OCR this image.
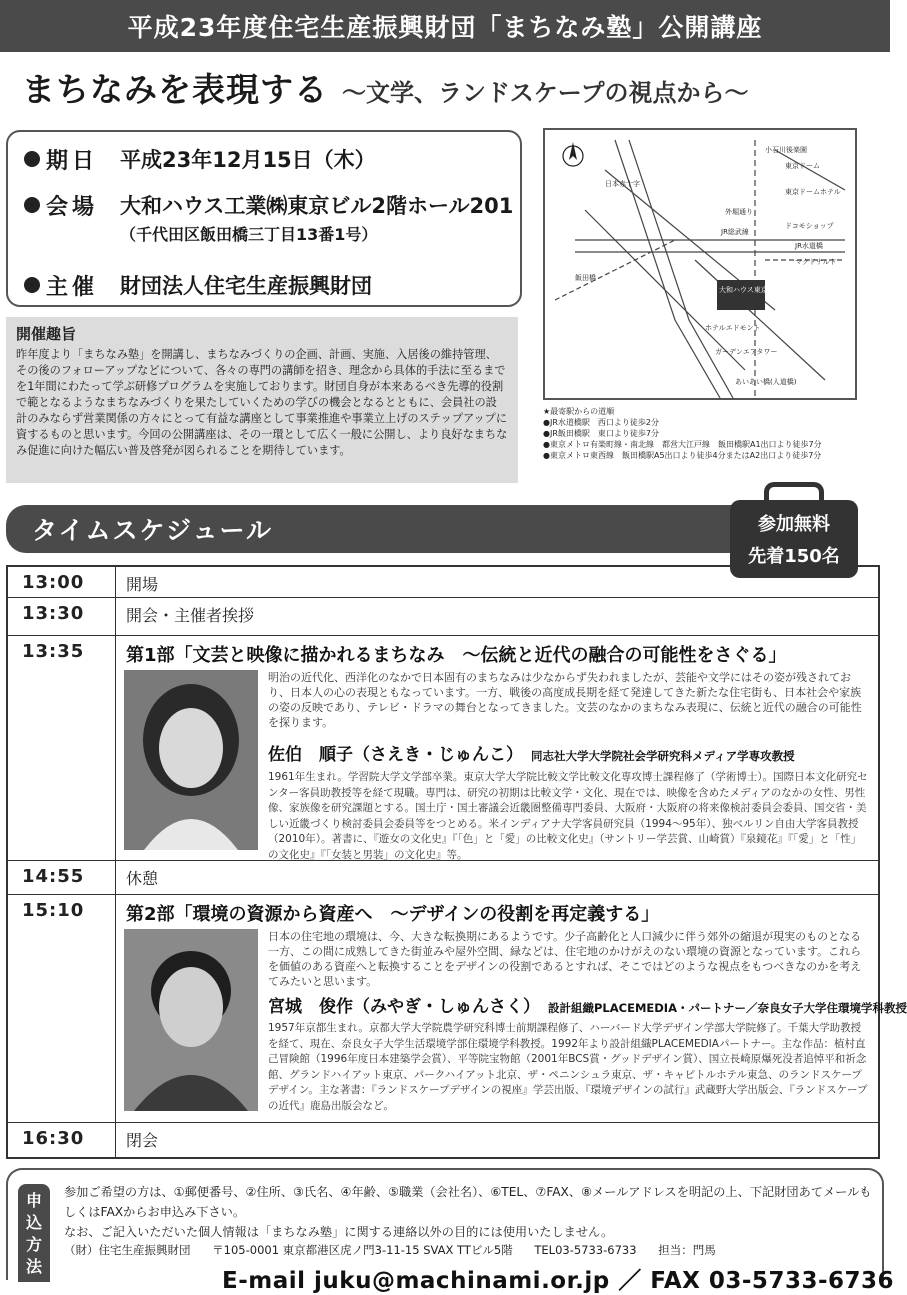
平成23年度住宅生産振興財団「まちなみ塾」公開講座
まちなみを表現する ～文学、ランドスケープの視点から～
期日	平成23年12月15日（木）
会場	大和ハウス工業㈱東京ビル2階ホール201
（千代田区飯田橋三丁目13番1号）
主催	財団法人住宅生産振興財団
開催趣旨

昨年度より「まちなみ塾」を開講し、まちなみづくりの企画、計画、実施、入居後の維持管理、その後のフォローアップなどについて、各々の専門の講師を招き、理念から具体的手法に至るまでを1年間にわたって学ぶ研修プログラムを実施しております。財団自身が本来あるべき先導的役割で範となるようなまちなみづくりを果たしていくための学びの機会となるとともに、会員社の設計のみならず営業関係の方々にとって有益な講座として事業推進や事業立上げのステップアップに資するものと思います。今回の公開講座は、その一環として広く一般に公開し、より良好なまちなみ促進に向けた幅広い普及啓発が図られることを期待しています。

小石川後楽園
東京ドーム
東京ドームホテル
外堀通り
ドコモショップ
JR水道橋
マクドナルド
JR総武線
大和ハウス東京ビル
ホテルエドモント
ガーデンエアタワー
あいあい橋(人道橋)
飯田橋
日本赤十字
★最寄駅からの道順
●JR水道橋駅　西口より徒歩2分
●JR飯田橋駅　東口より徒歩7分
●東京メトロ有楽町線・南北線　都営大江戸線　飯田橋駅A1出口より徒歩7分
●東京メトロ東西線　飯田橋駅A5出口より徒歩4分またはA2出口より徒歩7分
タイムスケジュール	参加無料
先着150名
13:00	開場
13:30	開会・主催者挨拶
13:35	第1部「文芸と映像に描かれるまちなみ　～伝統と近代の融合の可能性をさぐる」
明治の近代化、西洋化のなかで日本固有のまちなみは少なからず失われましたが、芸能や文学にはその姿が残されており、日本人の心の表現ともなっています。一方、戦後の高度成長期を経て発達してきた新たな住宅街も、日本社会や家族の姿の反映であり、テレビ・ドラマの舞台となってきました。文芸のなかのまちなみ表現に、伝統と近代の融合の可能性を探ります。
佐伯　順子（さえき・じゅんこ） 同志社大学大学院社会学研究科メディア学専攻教授
1961年生まれ。学習院大学文学部卒業。東京大学大学院比較文学比較文化専攻博士課程修了（学術博士）。国際日本文化研究センター客員助教授等を経て現職。専門は、研究の初期は比較文学・文化、現在では、映像を含めたメディアのなかの女性、男性像、家族像を研究課題とする。国土庁・国土審議会近畿圏整備専門委員、大阪府・大阪府の将来像検討委員会委員、国交省・美しい近畿づくり検討委員会委員等をつとめる。米インディアナ大学客員研究員（1994～95年）、独ベルリン自由大学客員教授（2010年）。著書に、『遊女の文化史』『「色」と「愛」の比較文化史』（サントリー学芸賞、山崎賞）『泉鏡花』『「愛」と「性」の文化史』『「女装と男装」の文化史』等。
14:55	休憩
15:10	第2部「環境の資源から資産へ　～デザインの役割を再定義する」
日本の住宅地の環境は、今、大きな転換期にあるようです。少子高齢化と人口減少に伴う郊外の縮退が現実のものとなる一方、この間に成熟してきた街並みや屋外空間、緑などは、住宅地のかけがえのない環境の資源となっています。これらを価値のある資産へと転換することをデザインの役割であるとすれば、そこではどのような視点をもつべきなのかを考えてみたいと思います。
宮城　俊作（みやぎ・しゅんさく） 設計組織PLACEMEDIA・パートナー／奈良女子大学住環境学科教授
1957年京都生まれ。京都大学大学院農学研究科博士前期課程修了、ハーバード大学デザイン学部大学院修了。千葉大学助教授を経て、現在、奈良女子大学生活環境学部住環境学科教授。1992年より設計組織PLACEMEDIAパートナー。主な作品：植村直己冒険館（1996年度日本建築学会賞）、平等院宝物館（2001年BCS賞・グッドデザイン賞）、国立長崎原爆死没者追悼平和祈念館、グランドハイアット東京、パークハイアット北京、ザ・ペニンシュラ東京、ザ・キャピトルホテル東急、のランドスケープデザイン。主な著書：『ランドスケープデザインの視座』学芸出版、『環境デザインの試行』武蔵野大学出版会、『ランドスケープの近代』鹿島出版会など。
16:30	閉会
申
込
方
法
参加ご希望の方は、①郵便番号、②住所、③氏名、④年齢、⑤職業（会社名）、⑥TEL、⑦FAX、⑧メールアドレスを明記の上、下記財団あてメールもしくはFAXからお申込み下さい。
なお、ご記入いただいた個人情報は「まちなみ塾」に関する連絡以外の目的には使用いたしません。
（財）住宅生産振興財団 〒105-0001 東京都港区虎ノ門3-11-15 SVAX TTビル5階 TEL03-5733-6733 担当：門馬
E-mail juku@machinami.or.jp ／ FAX 03-5733-6736
